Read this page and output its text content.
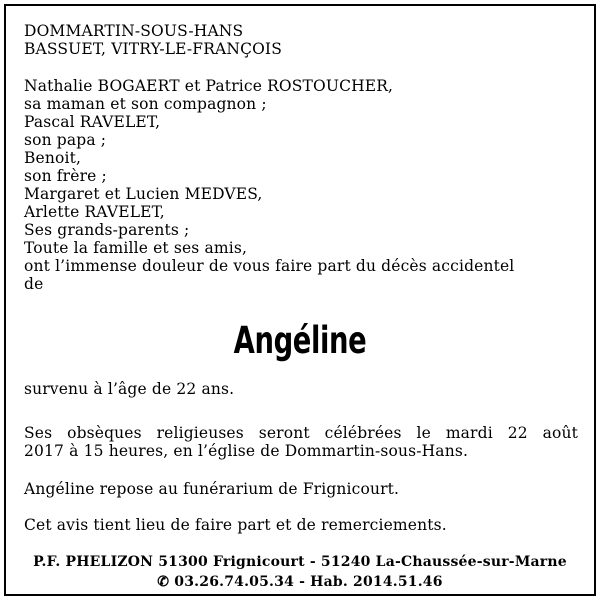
DOMMARTIN-SOUS-HANS
BASSUET, VITRY-LE-FRANÇOIS
Nathalie BOGAERT et Patrice ROSTOUCHER,
sa maman et son compagnon ;
Pascal RAVELET,
son papa ;
Benoit,
son frère ;
Margaret et Lucien MEDVES,
Arlette RAVELET,
Ses grands-parents ;
Toute la famille et ses amis,
ont l’immense douleur de vous faire part du décès accidentel
de
Angéline
survenu à l’âge de 22 ans.
Ses obsèques religieuses seront célébrées le mardi 22 août
2017 à 15 heures, en l’église de Dommartin-sous-Hans.
Angéline repose au funérarium de Frignicourt.
Cet avis tient lieu de faire part et de remerciements.
P.F. PHELIZON 51300 Frignicourt - 51240 La-Chaussée-sur-Marne
✆ 03.26.74.05.34 - Hab. 2014.51.46
